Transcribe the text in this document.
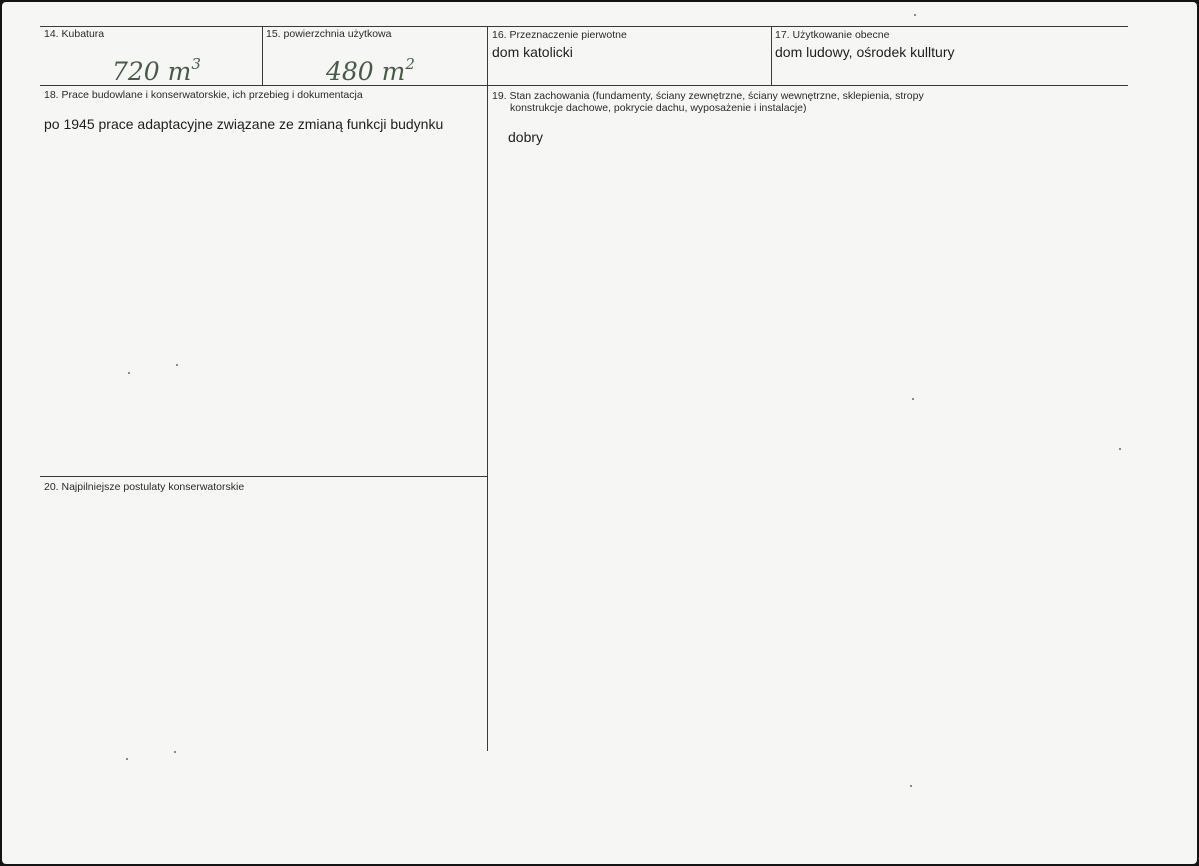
14. Kubatura
720 $m^3$
15. powierzchnia użytkowa
480 $m^2$
16. Przeznaczenie pierwotne
dom katolicki
17. Użytkowanie obecne
dom ludowy, ośrodek kulltury
18. Prace budowlane i konserwatorskie, ich przebieg i dokumentacja
po 1945 prace adaptacyjne związane ze zmianą funkcji budynku
19. Stan zachowania (fundamenty, ściany zewnętrzne, ściany wewnętrzne, sklepienia, stropy
konstrukcje dachowe, pokrycie dachu, wyposażenie i instalacje)
dobry
20. Najpilniejsze postulaty konserwatorskie
